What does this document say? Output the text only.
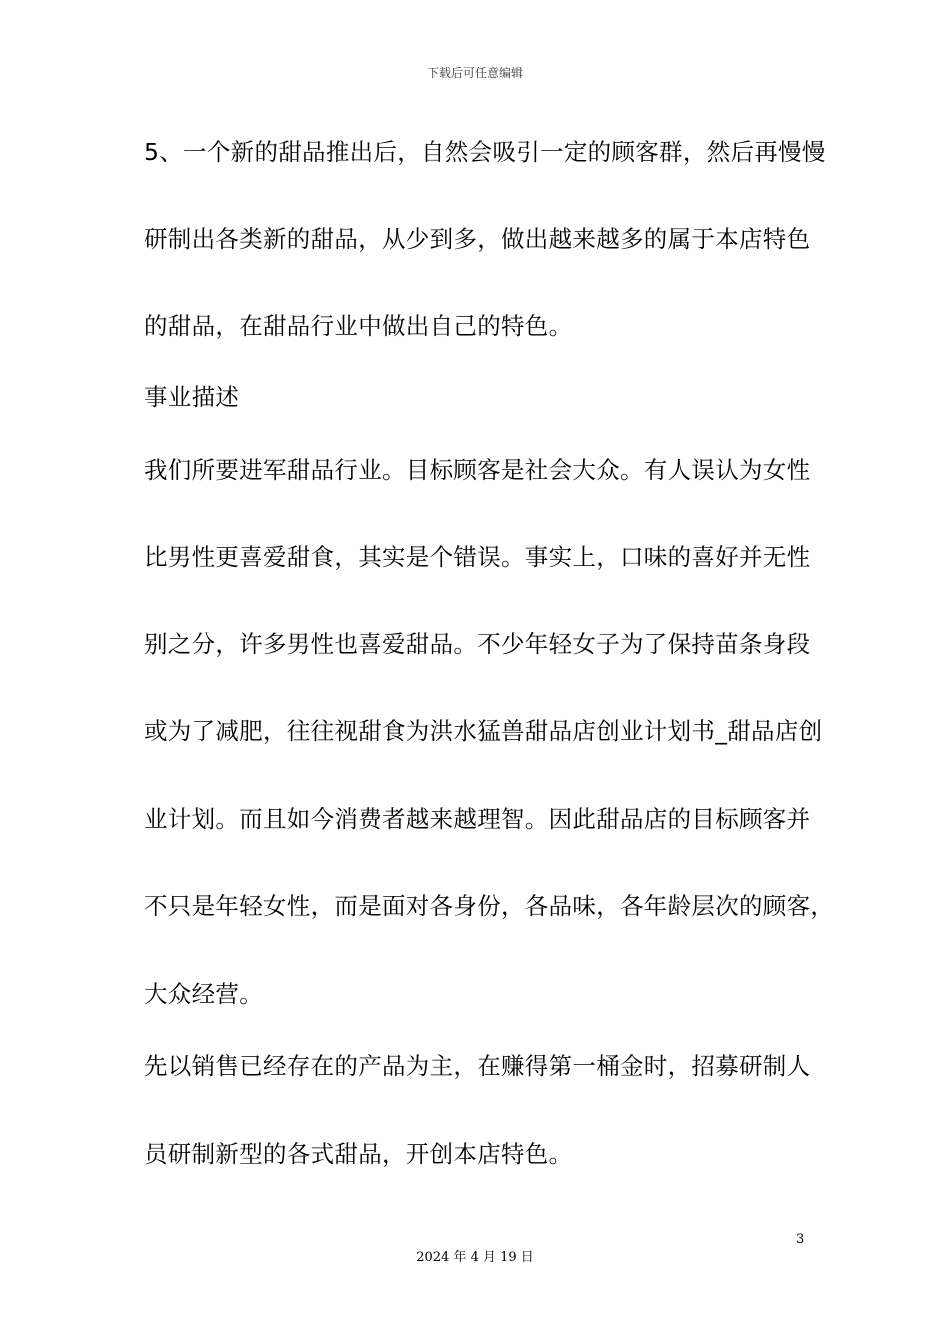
下载后可任意编辑
5、一个新的甜品推出后，自然会吸引一定的顾客群，然后再慢慢
研制出各类新的甜品，从少到多，做出越来越多的属于本店特色
的甜品，在甜品行业中做出自己的特色。
事业描述
我们所要进军甜品行业。目标顾客是社会大众。有人误认为女性
比男性更喜爱甜食，其实是个错误。事实上，口味的喜好并无性
别之分，许多男性也喜爱甜品。不少年轻女子为了保持苗条身段
或为了减肥，往往视甜食为洪水猛兽甜品店创业计划书_甜品店创
业计划。而且如今消费者越来越理智。因此甜品店的目标顾客并
不只是年轻女性，而是面对各身份，各品味，各年龄层次的顾客，
大众经营。
先以销售已经存在的产品为主，在赚得第一桶金时，招募研制人
员研制新型的各式甜品，开创本店特色。
3
2024 年 4 月 19 日
